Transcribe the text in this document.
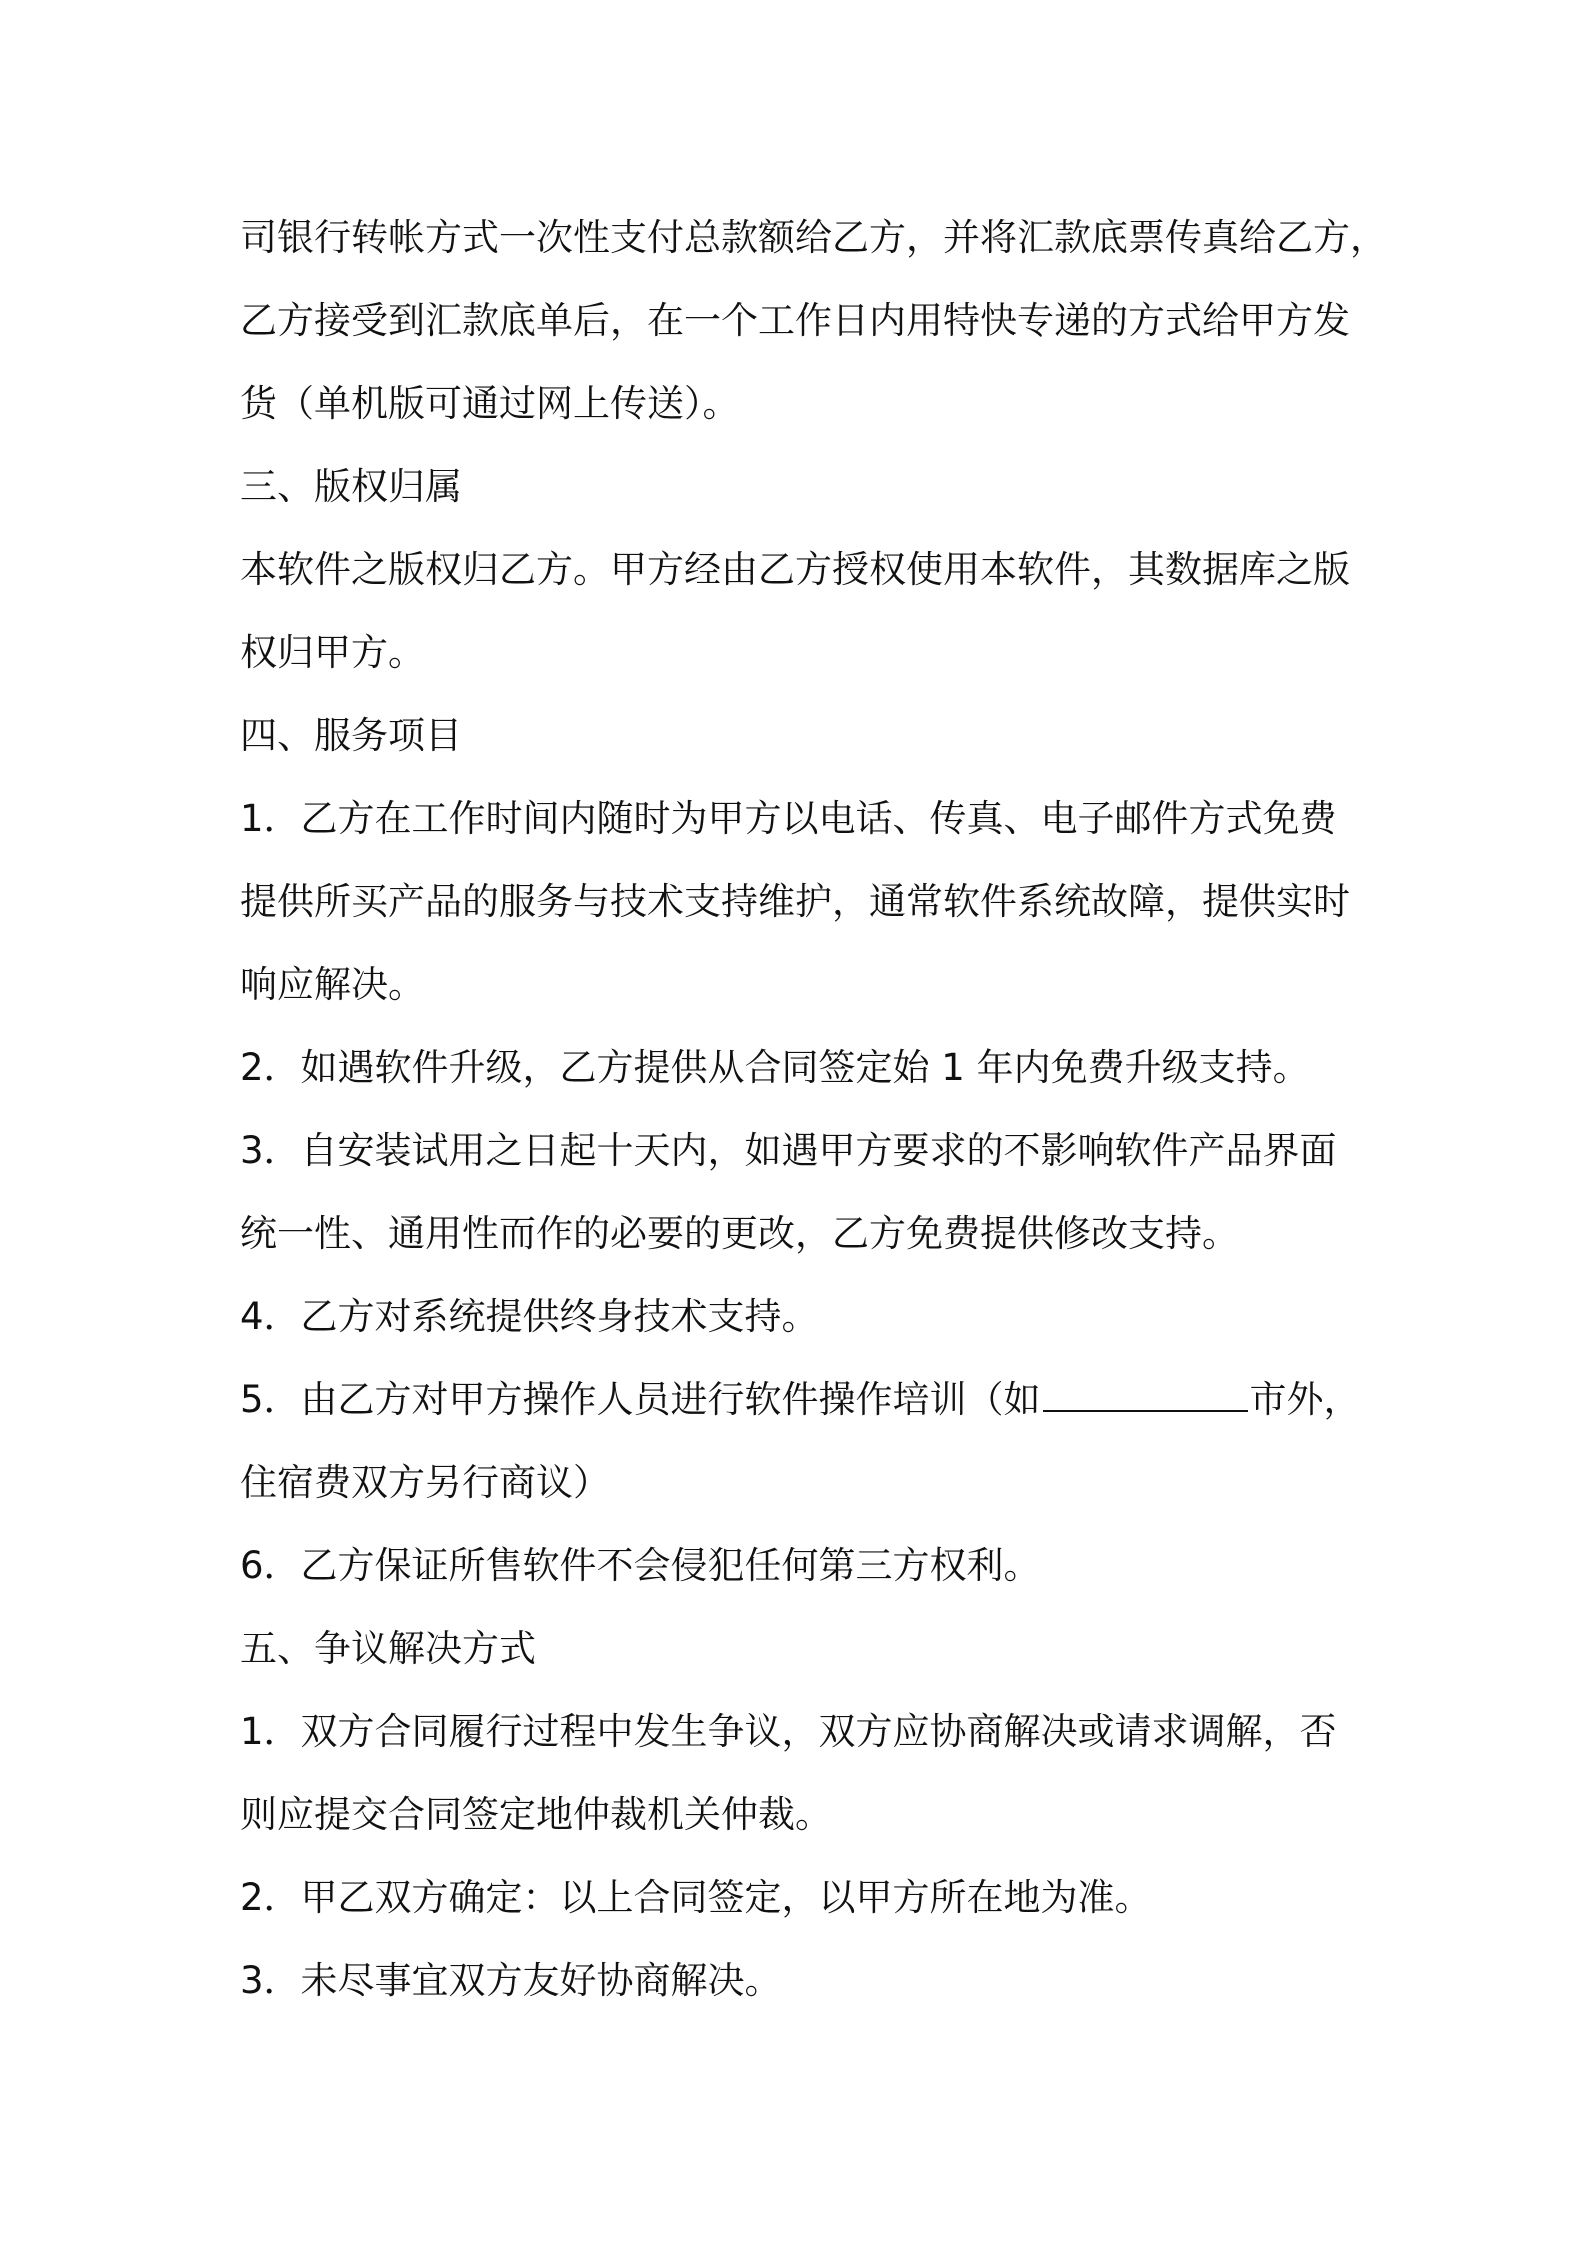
司银行转帐方式一次性支付总款额给乙方，并将汇款底票传真给乙方，
乙方接受到汇款底单后，在一个工作日内用特快专递的方式给甲方发
货（单机版可通过网上传送）。
三、版权归属
本软件之版权归乙方。甲方经由乙方授权使用本软件，其数据库之版
权归甲方。
四、服务项目
1．乙方在工作时间内随时为甲方以电话、传真、电子邮件方式免费
提供所买产品的服务与技术支持维护，通常软件系统故障，提供实时
响应解决。
2．如遇软件升级，乙方提供从合同签定始 1 年内免费升级支持。
3．自安装试用之日起十天内，如遇甲方要求的不影响软件产品界面
统一性、通用性而作的必要的更改，乙方免费提供修改支持。
4．乙方对系统提供终身技术支持。
5．由乙方对甲方操作人员进行软件操作培训（如	市外，
住宿费双方另行商议）
6．乙方保证所售软件不会侵犯任何第三方权利。
五、争议解决方式
1．双方合同履行过程中发生争议，双方应协商解决或请求调解，否
则应提交合同签定地仲裁机关仲裁。
2．甲乙双方确定：以上合同签定，以甲方所在地为准。
3．未尽事宜双方友好协商解决。
